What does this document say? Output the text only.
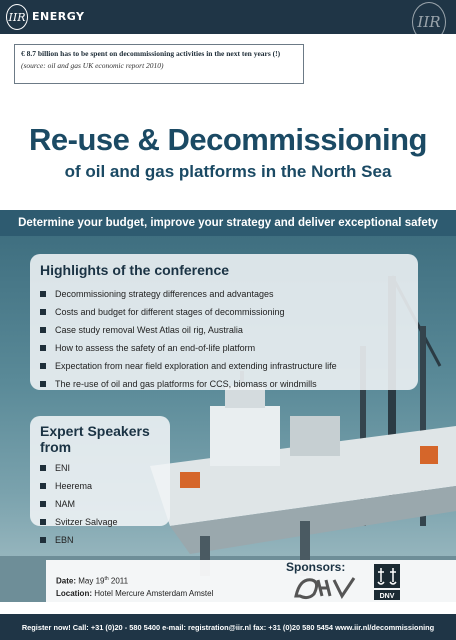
IIR ENERGY	IIR
€ 8.7 billion has to be spent on decommissioning activities in the next ten years (!)
(source: oil and gas UK economic report 2010)
Re-use & Decommissioning
of oil and gas platforms in the North Sea
Determine your budget, improve your strategy and deliver exceptional safety
Highlights of the conference
Decommissioning strategy differences and advantages
Costs and budget for different stages of decommissioning
Case study removal West Atlas oil rig, Australia
How to assess the safety of an end-of-life platform
Expectation from near field exploration and extending infrastructure life
The re-use of oil and gas platforms for CCS, biomass or windmills
Expert Speakers from
ENI
Heerema
NAM
Svitzer Salvage
EBN
Date: May 19th 2011
Location: Hotel Mercure Amsterdam Amstel
Sponsors:
DNV
Register now! Call: +31 (0)20 - 580 5400 e-mail: registration@iir.nl fax: +31 (0)20 580 5454 www.iir.nl/decommissioning
